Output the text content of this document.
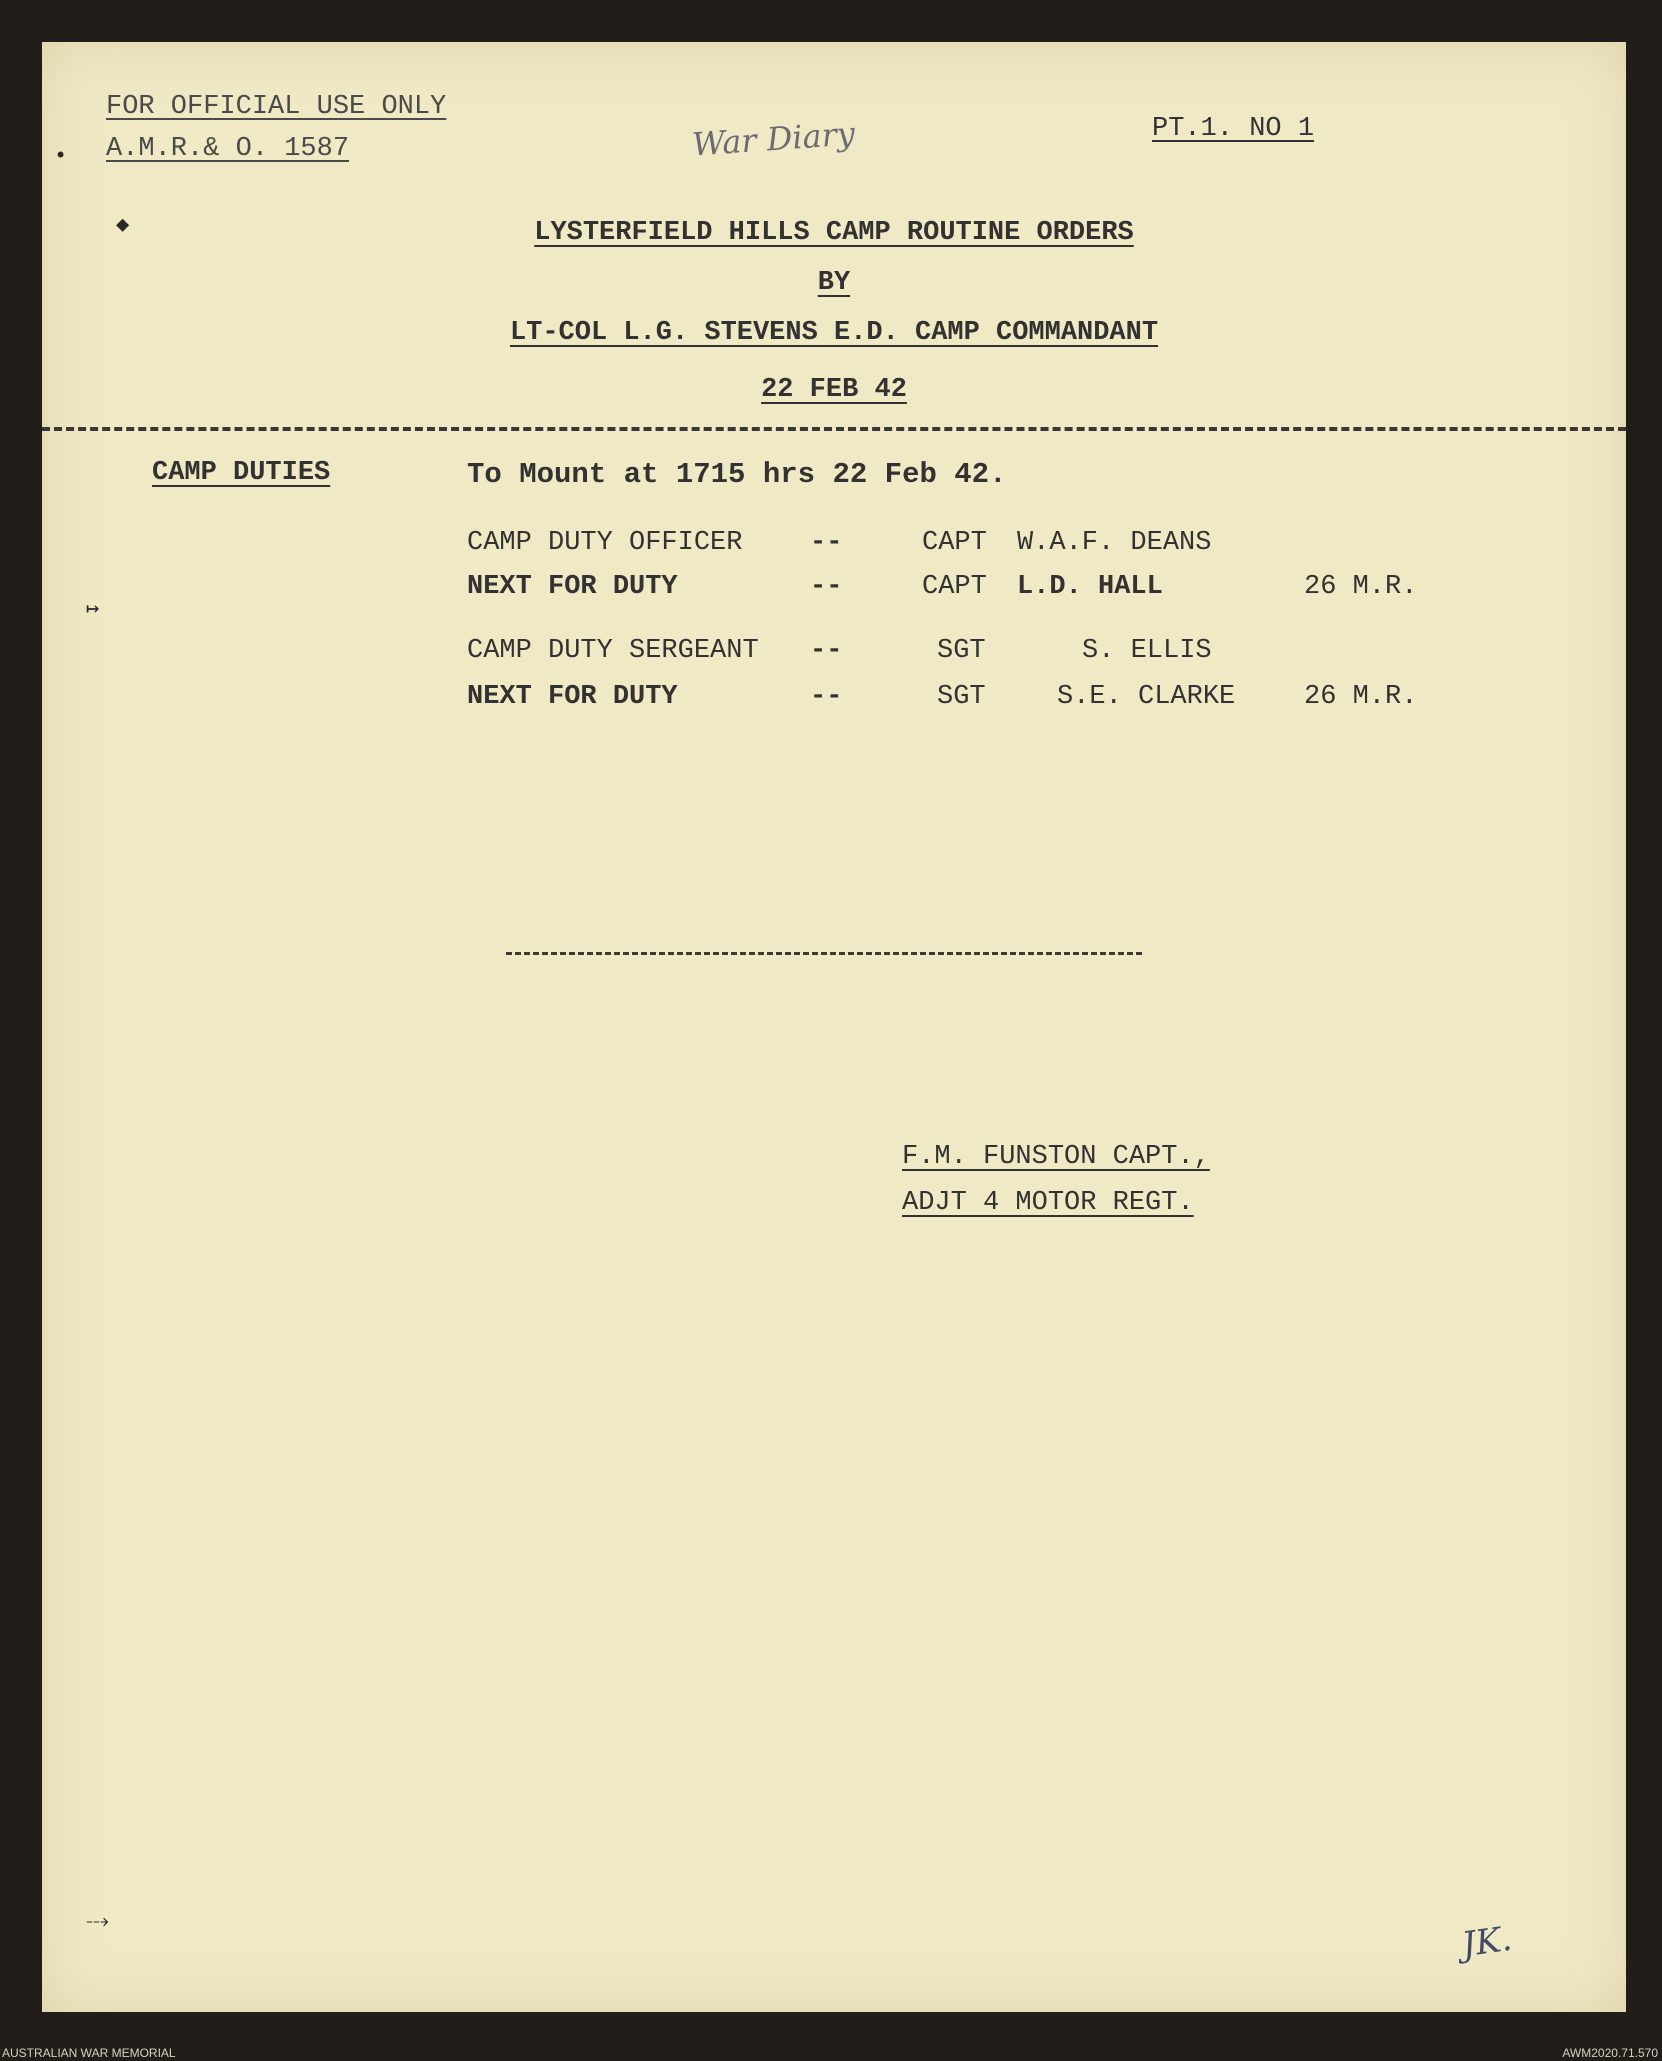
FOR OFFICIAL USE ONLY
A.M.R.& O. 1587	War Diary	PT.1. NO 1
LYSTERFIELD HILLS CAMP ROUTINE ORDERS
BY
LT-COL L.G. STEVENS E.D. CAMP COMMANDANT
22 FEB 42
CAMP DUTIES	To Mount at 1715 hrs 22 Feb 42.
CAMP DUTY OFFICER	--	CAPT W.A.F. DEANS
NEXT FOR DUTY	--	CAPT L.D. HALL	26 M.R.
CAMP DUTY SERGEANT --	SGT	S. ELLIS
NEXT FOR DUTY	--	SGT	S.E. CLARKE	26 M.R.
F.M. FUNSTON CAPT.,
ADJT 4 MOTOR REGT.
JK.
•
◆
↦
⤏
AUSTRALIAN WAR MEMORIAL	AWM2020.71.570
